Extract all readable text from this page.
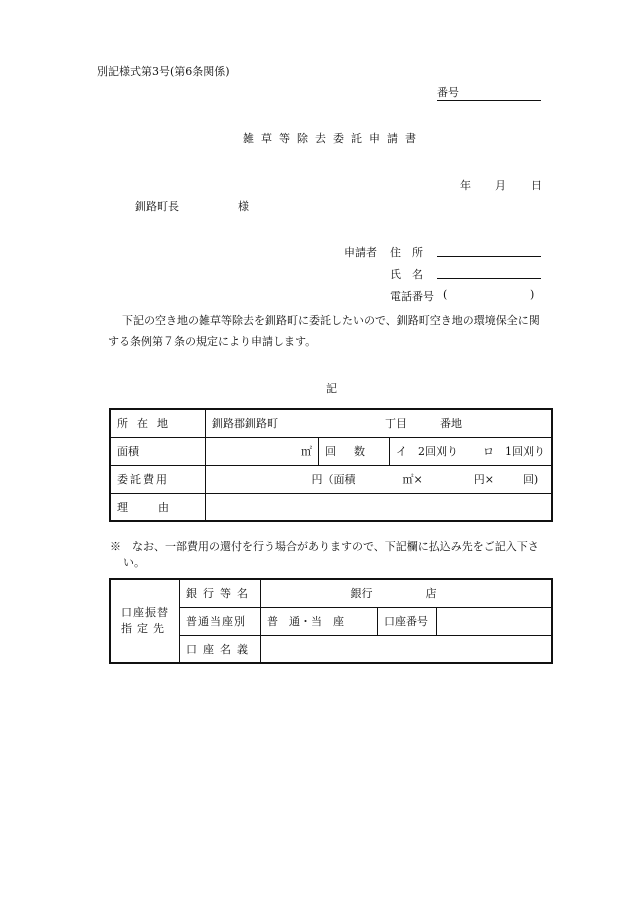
別記様式第3号(第6条関係)
番号
雑草等除去委託申請書
年 月 日
釧路町長	様
申請者 住　所
氏　名
電話番号 (	)
下記の空き地の雑草等除去を釧路町に委託したいので、釧路町空き地の環境保全に関
する条例第７条の規定により申請します。
記
所在地	釧路郡釧路町 丁目 番地		

面積	㎡	回数	イ　2回刈り ロ　1回刈り
委託費用	円（面積 ㎡× 円× 回)		
理由			
※　なお、一部費用の還付を行う場合がありますので、下記欄に払込み先をご記入下さ
い。
口座振替
指定先	銀行等名	銀行 店		
	普通当座別	普　通・当　座	口座番号	
	口座名義			
